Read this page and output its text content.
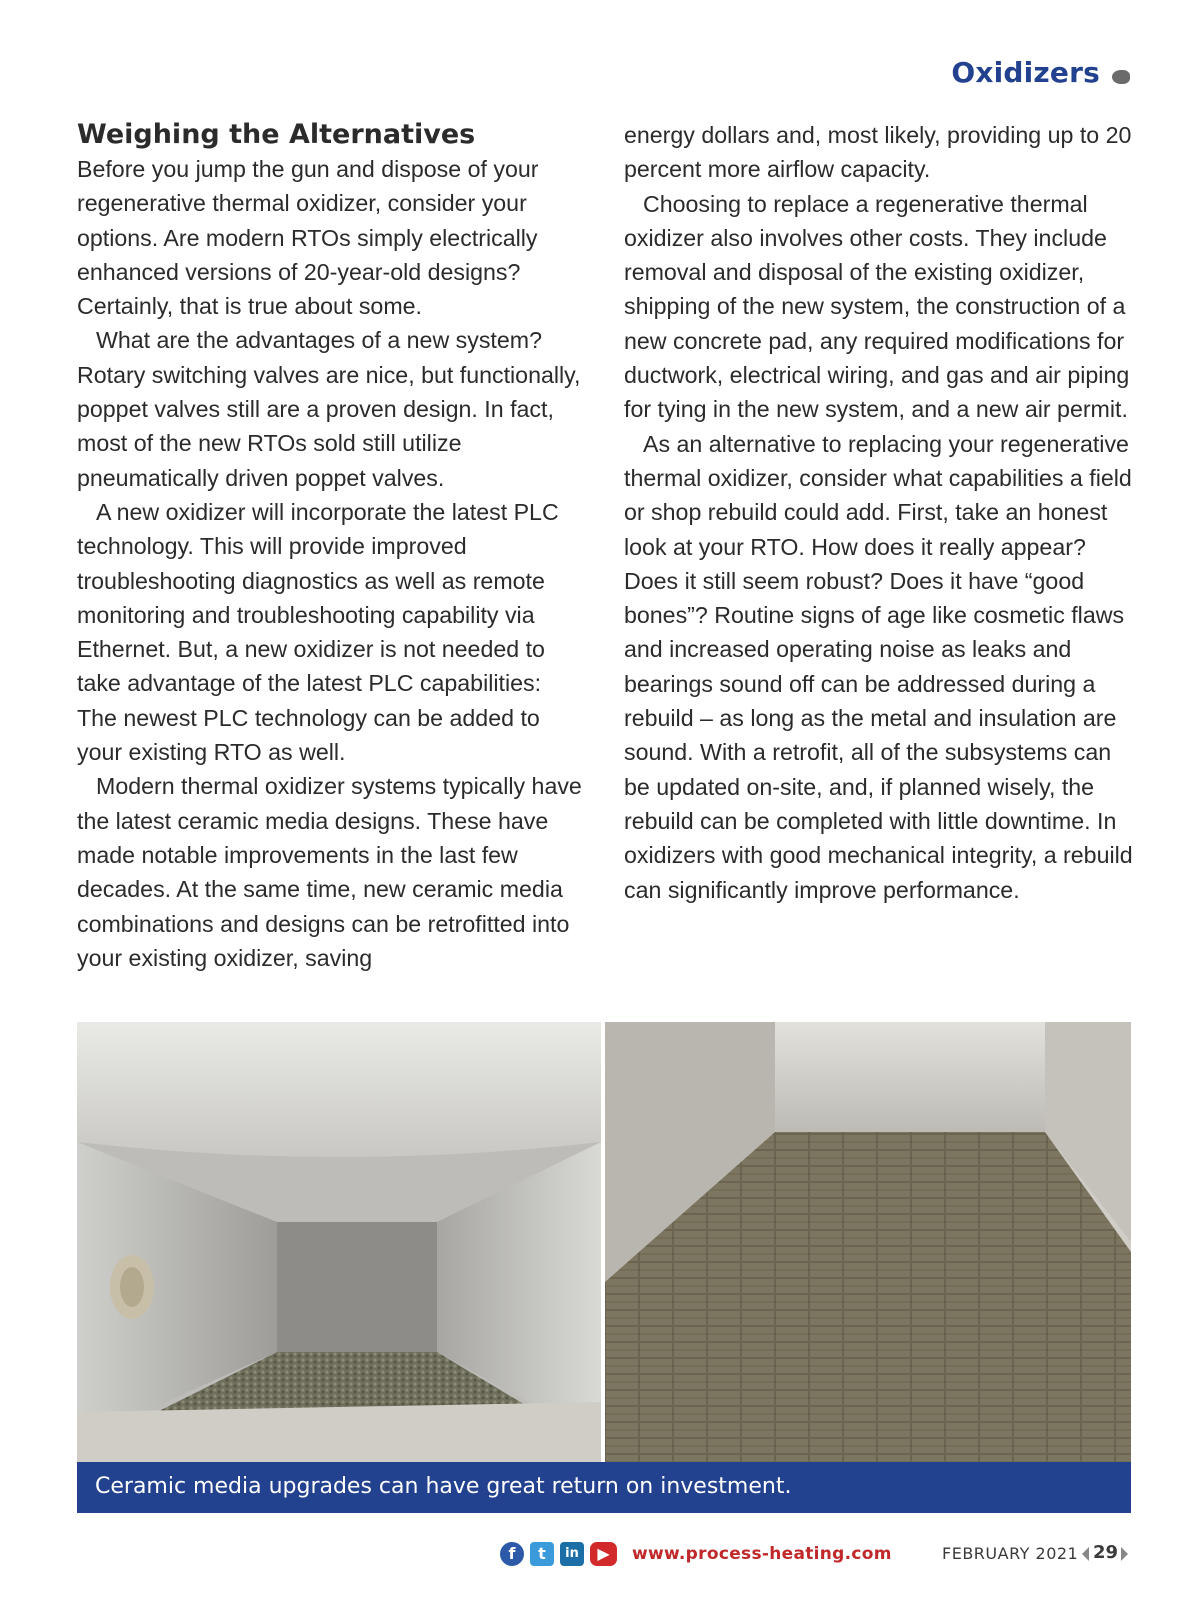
Oxidizers
Weighing the Alternatives

Before you jump the gun and dispose of your regenerative thermal oxidizer, consider your options. Are modern RTOs simply electrically enhanced versions of 20-year-old designs? Certainly, that is true about some.

What are the advantages of a new system? Rotary switching valves are nice, but functionally, poppet valves still are a proven design. In fact, most of the new RTOs sold still utilize pneumatically driven poppet valves.

A new oxidizer will incorporate the latest PLC technology. This will provide improved troubleshooting diagnostics as well as remote monitoring and troubleshooting capability via Ethernet. But, a new oxidizer is not needed to take advantage of the latest PLC capabilities: The newest PLC technology can be added to your existing RTO as well.

Modern thermal oxidizer systems typically have the latest ceramic media designs. These have made notable improvements in the last few decades. At the same time, new ceramic media combinations and designs can be retrofitted into your existing oxidizer, saving

energy dollars and, most likely, providing up to 20 percent more airflow capacity.

Choosing to replace a regenerative thermal oxidizer also involves other costs. They include removal and disposal of the existing oxidizer, shipping of the new system, the construction of a new concrete pad, any required modifications for ductwork, electrical wiring, and gas and air piping for tying in the new system, and a new air permit.

As an alternative to replacing your regenerative thermal oxidizer, consider what capabilities a field or shop rebuild could add. First, take an honest look at your RTO. How does it really appear? Does it still seem robust? Does it have “good bones”? Routine signs of age like cosmetic flaws and increased operating noise as leaks and bearings sound off can be addressed during a rebuild – as long as the metal and insulation are sound. With a retrofit, all of the subsystems can be updated on-site, and, if planned wisely, the rebuild can be completed with little downtime. In oxidizers with good mechanical integrity, a rebuild can significantly improve performance.

Ceramic media upgrades can have great return on investment.
f	t	in	▶	www.process-heating.com	FEBRUARY 2021 29
